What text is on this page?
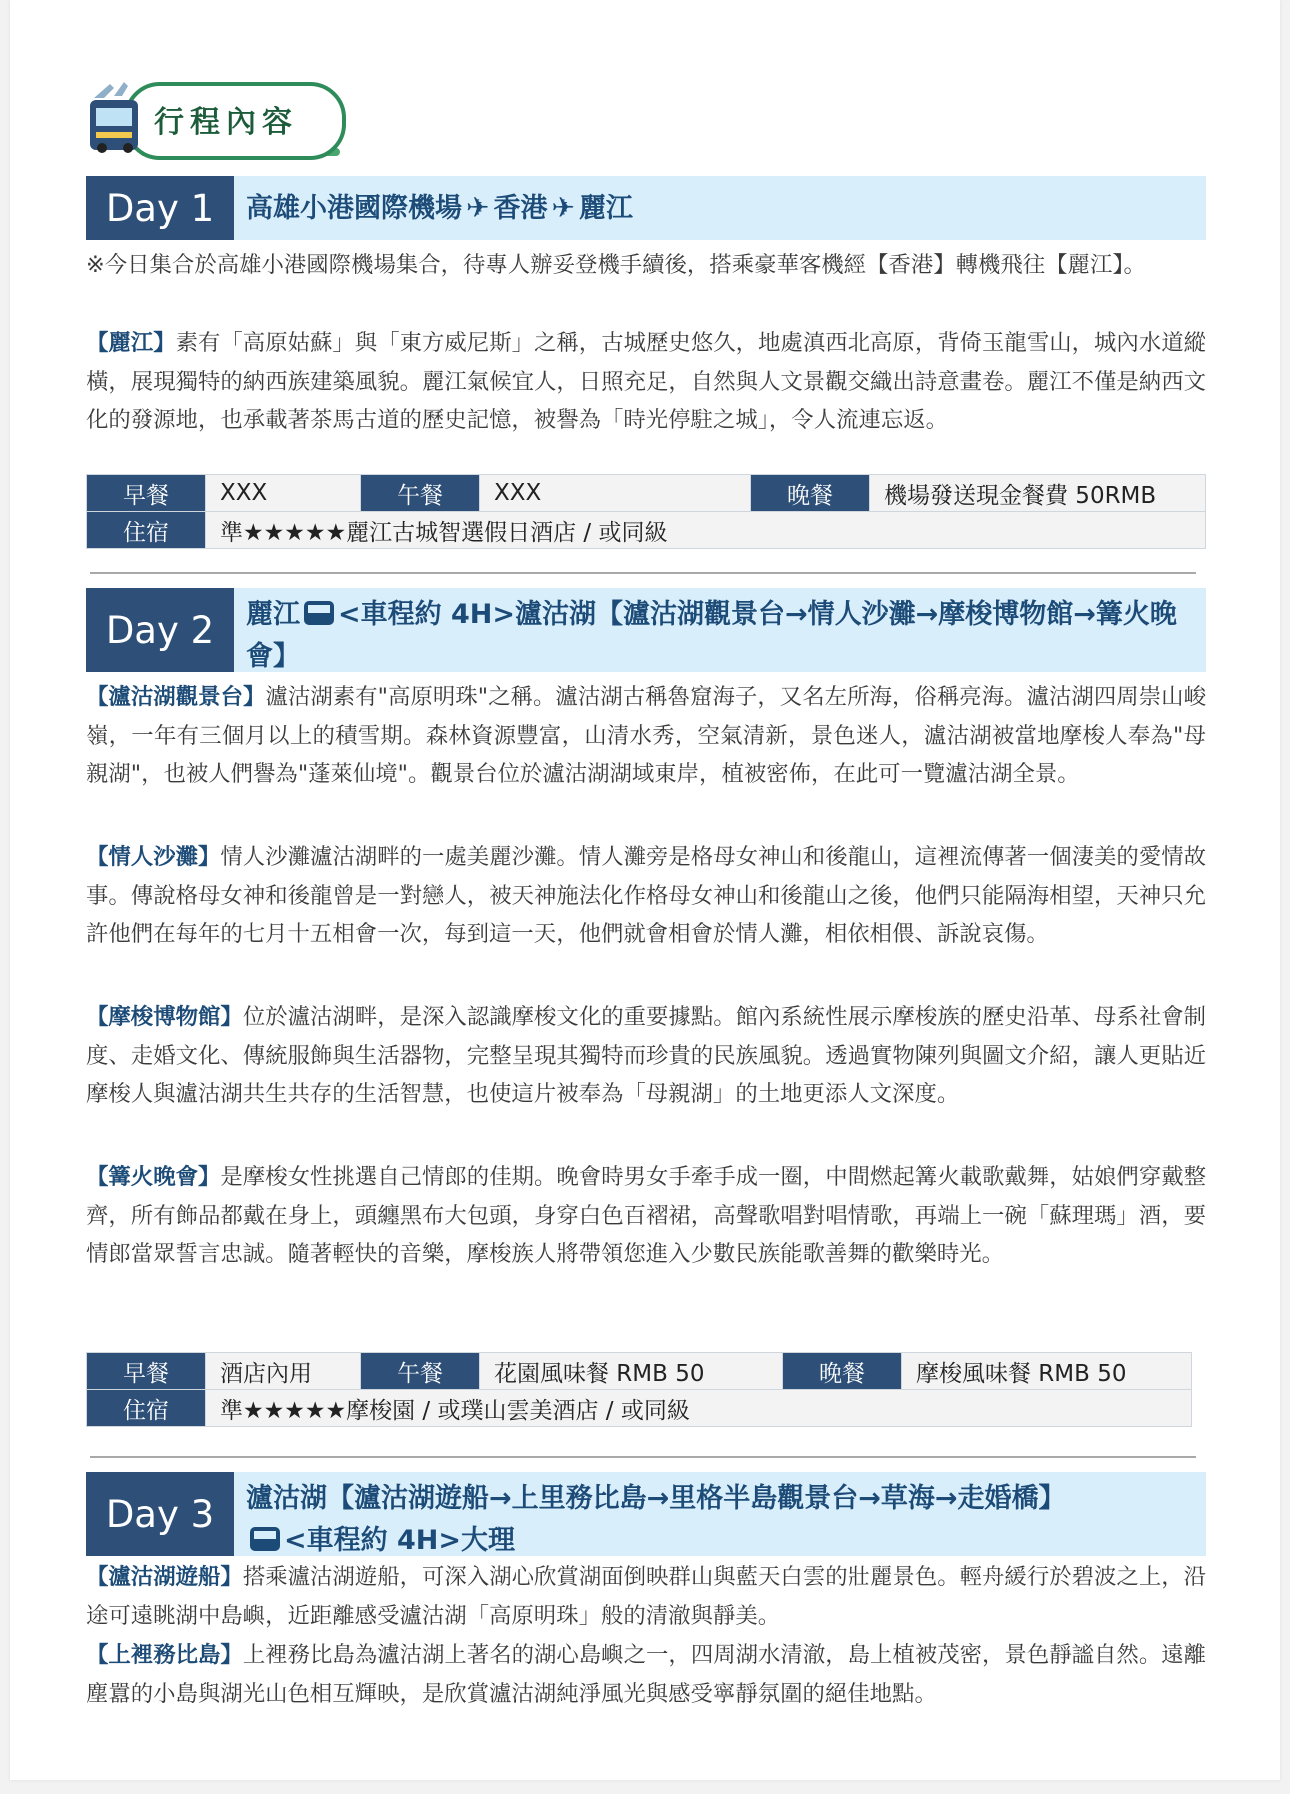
行程內容
Day 1	高雄小港國際機場 ✈ 香港 ✈ 麗江
※今日集合於高雄小港國際機場集合，待專人辦妥登機手續後，搭乘豪華客機經【香港】轉機飛往【麗江】。
【麗江】素有「高原姑蘇」與「東方威尼斯」之稱，古城歷史悠久，地處滇西北高原，背倚玉龍雪山，城內水道縱橫，展現獨特的納西族建築風貌。麗江氣候宜人，日照充足，自然與人文景觀交織出詩意畫卷。麗江不僅是納西文化的發源地，也承載著茶馬古道的歷史記憶，被譽為「時光停駐之城」，令人流連忘返。
早餐	XXX	午餐	XXX	晚餐	機場發送現金餐費 50RMB
住宿	準★★★★★麗江古城智選假日酒店 / 或同級				
Day 2	麗江 <車程約 4H>瀘沽湖【瀘沽湖觀景台→情人沙灘→摩梭博物館→篝火晚會】
【瀘沽湖觀景台】瀘沽湖素有"高原明珠"之稱。瀘沽湖古稱魯窟海子，又名左所海，俗稱亮海。瀘沽湖四周崇山峻嶺，一年有三個月以上的積雪期。森林資源豐富，山清水秀，空氣清新，景色迷人，瀘沽湖被當地摩梭人奉為"母親湖"，也被人們譽為"蓬萊仙境"。觀景台位於瀘沽湖湖域東岸，植被密佈，在此可一覽瀘沽湖全景。
【情人沙灘】情人沙灘瀘沽湖畔的一處美麗沙灘。情人灘旁是格母女神山和後龍山，這裡流傳著一個淒美的愛情故事。傳說格母女神和後龍曾是一對戀人，被天神施法化作格母女神山和後龍山之後，他們只能隔海相望，天神只允許他們在每年的七月十五相會一次，每到這一天，他們就會相會於情人灘，相依相偎、訴說哀傷。
【摩梭博物館】位於瀘沽湖畔，是深入認識摩梭文化的重要據點。館內系統性展示摩梭族的歷史沿革、母系社會制度、走婚文化、傳統服飾與生活器物，完整呈現其獨特而珍貴的民族風貌。透過實物陳列與圖文介紹，讓人更貼近摩梭人與瀘沽湖共生共存的生活智慧，也使這片被奉為「母親湖」的土地更添人文深度。
【篝火晚會】是摩梭女性挑選自己情郎的佳期。晚會時男女手牽手成一圈，中間燃起篝火載歌戴舞，姑娘們穿戴整齊，所有飾品都戴在身上，頭纏黑布大包頭，身穿白色百褶裙，高聲歌唱對唱情歌，再端上一碗「蘇理瑪」酒，要情郎當眾誓言忠誠。隨著輕快的音樂，摩梭族人將帶領您進入少數民族能歌善舞的歡樂時光。
早餐	酒店內用	午餐	花園風味餐 RMB 50	晚餐	摩梭風味餐 RMB 50
住宿	準★★★★★摩梭園 / 或璞山雲美酒店 / 或同級				
Day 3	瀘沽湖【瀘沽湖遊船→上里務比島→里格半島觀景台→草海→走婚橋】
<車程約 4H>大理
【瀘沽湖遊船】搭乘瀘沽湖遊船，可深入湖心欣賞湖面倒映群山與藍天白雲的壯麗景色。輕舟緩行於碧波之上，沿途可遠眺湖中島嶼，近距離感受瀘沽湖「高原明珠」般的清澈與靜美。
【上裡務比島】上裡務比島為瀘沽湖上著名的湖心島嶼之一，四周湖水清澈，島上植被茂密，景色靜謐自然。遠離塵囂的小島與湖光山色相互輝映，是欣賞瀘沽湖純淨風光與感受寧靜氛圍的絕佳地點。
